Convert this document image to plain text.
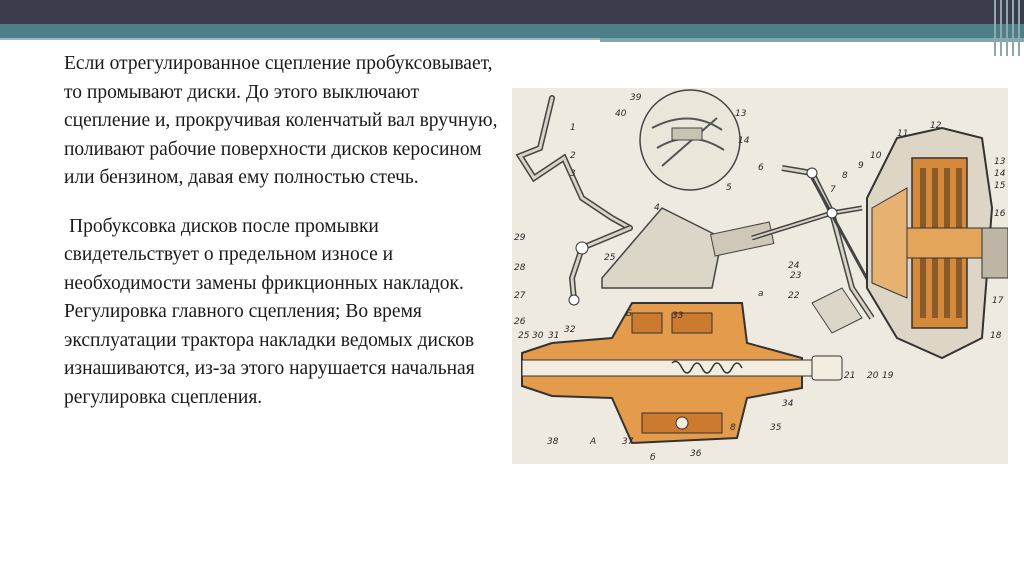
Если отрегулированное сцепление пробуксовывает, то промывают диски. До этого выключают сцепление и, прокручивая коленчатый вал вручную, поливают рабочие поверхности дисков керосином или бензином, давая ему полностью стечь.

Пробуксовка дисков после промывки свидетельствует о предельном износе и необходимости замены фрикционных накладок. Регулировка главного сцепления; Во время эксплуатации трактора накладки ведомых дисков изнашиваются, из-за этого нарушается начальная регулировка сцепления.

39
40	13
14
1
2
3
4
5
6
7
8
9
10
11
12
13
14
15
16
17
18
19
20
21
22
23
24
25
26
27
28
29
30 31
32
33
34
35
36
37
38
25
А
Б
8
б
а
